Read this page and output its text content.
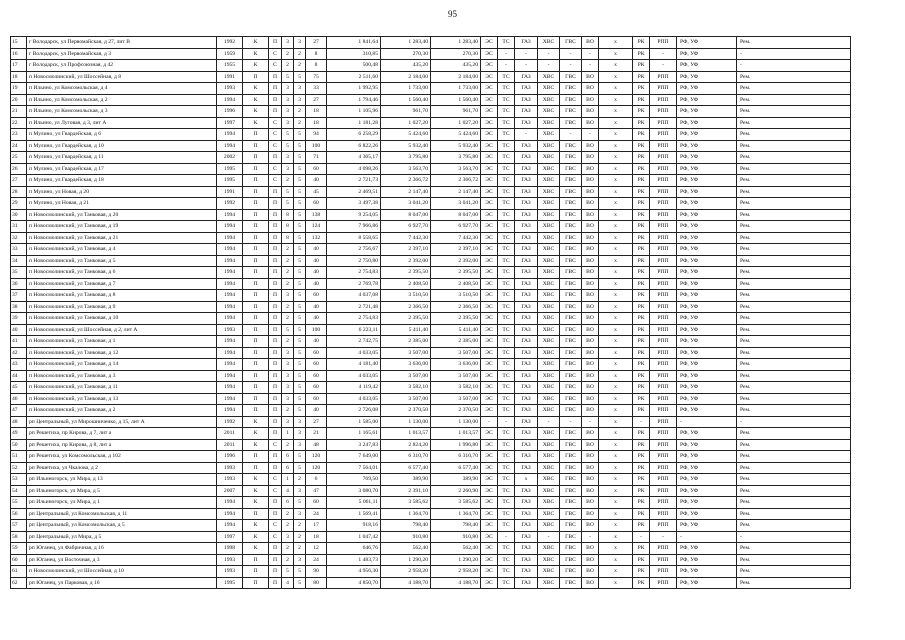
95
15	г Володарск, ул Первомайская, д 27, лит В	1992	К	П	3	3	27	1 841,64	1 283,40	1 283,40	ЭС	ТС	ГАЗ	ХВС	ГВС	ВО	х	РК	РПП	РФ, УФ	Рем.
16	г Володарск, ул Первомайская, д 3	1959	К	С	2	2	8	310,85	270,30	270,30	ЭС	-	-	-	-	-	х	РК	-	РФ, УФ	-
17	г Володарск, ул Профсоюзная, д 42	1955	К	С	2	2	8	500,48	435,20	435,20	ЭС	-	-	-	-	-	х	РК	-	РФ, УФ	-
18	п Новосмолинский, ул Шоссейная, д 8	1991	П	П	5	5	75	2 511,60	2 184,00	2 184,00	ЭС	ТС	ГАЗ	ХВС	ГВС	ВО	х	РК	РПП	РФ, УФ	Рем.
19	п Ильино, ул Комсомольская, д 4	1993	К	П	3	3	33	1 992,95	1 733,00	1 733,00	ЭС	ТС	ГАЗ	ХВС	ГВС	ВО	х	РК	РПП	РФ, УФ	Рем.
20	п Ильино, ул Комсомольская, д 2	1994	К	П	3	3	27	1 794,46	1 560,40	1 560,40	ЭС	ТС	ГАЗ	ХВС	ГВС	ВО	х	РК	РПП	РФ, УФ	Рем.
21	п Ильино, ул Комсомольская, д 3	1996	К	П	3	2	18	1 105,96	961,70	961,70	ЭС	ТС	ГАЗ	ХВС	ГВС	ВО	х	РК	РПП	РФ, УФ	Рем.
22	п Ильино, ул Луговая, д 3, лит А	1997	К	С	3	2	18	1 181,28	1 027,20	1 027,20	ЭС	ТС	ГАЗ	ХВС	ГВС	ВО	х	РК	РПП	РФ, УФ	Рем.
23	п Мулино, ул Гвардейская, д 6	1994	П	С	5	5	94	6 258,29	5 424,60	5 424,60	ЭС	ТС	-	ХВС	-	-	х	РК	РПП	РФ, УФ	Рем.
24	п Мулино, ул Гвардейская, д 10	1994	П	С	5	5	100	6 822,26	5 932,40	5 932,40	ЭС	ТС	ГАЗ	ХВС	ГВС	ВО	х	РК	РПП	РФ, УФ	Рем.
25	п Мулино, ул Гвардейская, д 11	2002	П	П	3	5	71	4 365,17	3 795,80	3 795,80	ЭС	ТС	ГАЗ	ХВС	ГВС	ВО	х	РК	РПП	РФ, УФ	Рем.
26	п Мулино, ул Гвардейская, д 17	1995	П	С	3	5	60	4 098,26	3 563,70	3 563,70	ЭС	ТС	ГАЗ	ХВС	ГВС	ВО	х	РК	РПП	РФ, УФ	Рем.
27	п Мулино, ул Гвардейская, д 18	1995	П	С	2	5	40	2 721,73	2 366,72	2 366,72	ЭС	ТС	ГАЗ	ХВС	ГВС	ВО	х	РК	РПП	РФ, УФ	Рем.
28	п Мулино, ул Новая, д 20	1991	П	П	5	5	45	2 469,51	2 147,40	2 147,40	ЭС	ТС	ГАЗ	ХВС	ГВС	ВО	х	РК	РПП	РФ, УФ	Рем.
29	п Мулино, ул Новая, д 21	1992	П	П	5	5	60	3 497,38	3 041,20	3 041,20	ЭС	ТС	ГАЗ	ХВС	ГВС	ВО	х	РК	РПП	РФ, УФ	Рем.
30	п Новосмолинский, ул Танковая, д 20	1994	П	П	8	5	138	9 254,05	8 047,00	8 047,00	ЭС	ТС	ГАЗ	ХВС	ГВС	ВО	х	РК	РПП	РФ, УФ	Рем.
31	п Новосмолинский, ул Танковая, д 19	1994	П	П	8	5	124	7 966,86	6 927,70	6 927,70	ЭС	ТС	ГАЗ	ХВС	ГВС	ВО	х	РК	РПП	РФ, УФ	Рем.
32	п Новосмолинский, ул Танковая, д 21	1994	П	П	8	5	132	8 558,65	7 442,30	7 442,30	ЭС	ТС	ГАЗ	ХВС	ГВС	ВО	х	РК	РПП	РФ, УФ	Рем.
33	п Новосмолинский, ул Танковая, д 4	1994	П	П	2	5	40	2 756,67	2 397,10	2 397,10	ЭС	ТС	ГАЗ	ХВС	ГВС	ВО	х	РК	РПП	РФ, УФ	Рем.
34	п Новосмолинский, ул Танковая, д 5	1994	П	П	2	5	40	2 750,80	2 392,00	2 392,00	ЭС	ТС	ГАЗ	ХВС	ГВС	ВО	х	РК	РПП	РФ, УФ	Рем.
35	п Новосмолинский, ул Танковая, д 6	1994	П	П	2	5	40	2 754,83	2 395,50	2 395,50	ЭС	ТС	ГАЗ	ХВС	ГВС	ВО	х	РК	РПП	РФ, УФ	Рем.
36	п Новосмолинский, ул Танковая, д 7	1994	П	П	2	5	40	2 769,78	2 408,50	2 408,50	ЭС	ТС	ГАЗ	ХВС	ГВС	ВО	х	РК	РПП	РФ, УФ	Рем.
37	п Новосмолинский, ул Танковая, д 8	1994	П	П	3	5	60	4 037,08	3 510,50	3 510,50	ЭС	ТС	ГАЗ	ХВС	ГВС	ВО	х	РК	РПП	РФ, УФ	Рем.
38	п Новосмолинский, ул Танковая, д 9	1994	П	П	2	5	40	2 721,48	2 366,50	2 366,50	ЭС	ТС	ГАЗ	ХВС	ГВС	ВО	х	РК	РПП	РФ, УФ	Рем.
39	п Новосмолинский, ул Танковая, д 10	1994	П	П	2	5	40	2 754,83	2 395,50	2 395,50	ЭС	ТС	ГАЗ	ХВС	ГВС	ВО	х	РК	РПП	РФ, УФ	Рем.
40	п Новосмолинский, ул Шоссейная, д 2, лит А	1993	П	П	5	5	100	6 223,11	5 411,40	5 411,40	ЭС	ТС	ГАЗ	ХВС	ГВС	ВО	х	РК	РПП	РФ, УФ	Рем.
41	п Новосмолинский, ул Танковая, д 1	1994	П	П	2	5	40	2 742,75	2 385,00	2 385,00	ЭС	ТС	ГАЗ	ХВС	ГВС	ВО	х	РК	РПП	РФ, УФ	Рем.
42	п Новосмолинский, ул Танковая, д 12	1994	П	П	3	5	60	4 033,05	3 507,00	3 507,00	ЭС	ТС	ГАЗ	ХВС	ГВС	ВО	х	РК	РПП	РФ, УФ	Рем.
43	п Новосмолинский, ул Танковая, д 14	1994	П	П	3	5	60	4 181,40	3 636,00	3 636,00	ЭС	ТС	ГАЗ	ХВС	ГВС	ВО	х	РК	РПП	РФ, УФ	Рем.
44	п Новосмолинский, ул Танковая, д 3	1994	П	П	3	5	60	4 033,05	3 507,00	3 507,00	ЭС	ТС	ГАЗ	ХВС	ГВС	ВО	х	РК	РПП	РФ, УФ	Рем.
45	п Новосмолинский, ул Танковая, д 11	1994	П	П	3	5	60	4 119,42	3 582,10	3 582,10	ЭС	ТС	ГАЗ	ХВС	ГВС	ВО	х	РК	РПП	РФ, УФ	Рем.
46	п Новосмолинский, ул Танковая, д 13	1994	П	П	3	5	60	4 033,05	3 507,00	3 507,00	ЭС	ТС	ГАЗ	ХВС	ГВС	ВО	х	РК	РПП	РФ, УФ	Рем.
47	п Новосмолинский, ул Танковая, д 2	1994	П	П	2	5	40	2 726,08	2 370,50	2 370,50	ЭС	ТС	ГАЗ	ХВС	ГВС	ВО	х	РК	РПП	РФ, УФ	Рем.
48	рп Центральный, ул Мирошниченко, д 15, лит А	1992	К	П	3	3	27	1 585,00	1 130,00	1 130,00	-	-	ГАЗ	-	-	-	х	-	РПП	-	-
49	рп Решетиха, пр Кирова, д 7, лит а	2011	К	П	1	3	21	1 165,61	1 013,57	1 013,57	ЭС	ТС	ГАЗ	ХВС	ГВС	ВО	х	РК	РПП	РФ, УФ	Рем.
50	рп Решетиха, пр Кирова, д 8, лит а	2011	К	С	2	3	48	3 247,83	2 824,20	1 996,80	ЭС	ТС	ГАЗ	ХВС	ГВС	ВО	х	РК	РПП	РФ, УФ	Рем.
51	рп Решетиха, ул Комсомольская, д 102	1996	П	П	6	5	120	7 649,00	6 310,70	6 310,70	ЭС	ТС	ГАЗ	ХВС	ГВС	ВО	х	РК	РПП	РФ, УФ	Рем.
52	рп Решетиха, ул Чкалова, д 2	1993	П	П	6	5	120	7 564,01	6 577,40	6 577,40	ЭС	ТС	ГАЗ	ХВС	ГВС	ВО	х	РК	РПП	РФ, УФ	Рем.
53	рп Ильиногорск, ул Мира, д 13	1993	К	С	1	2	6	769,50	389,90	389,90	ЭС	ТС	х	ХВС	ГВС	ВО	х	РК	РПП	РФ, УФ	Рем.
54	рп Ильиногорск, ул Мира, д 5	2007	К	С	4	3	47	3 080,70	2 391,10	2 260,90	ЭС	ТС	ГАЗ	ХВС	ГВС	ВО	х	РК	РПП	РФ, УФ	Рем.
55	рп Ильиногорск, ул Мира, д 1	1994	К	П	6	5	60	5 061,11	3 585,62	3 585,62	ЭС	ТС	ГАЗ	ХВС	ГВС	ВО	х	РК	РПП	РФ, УФ	Рем.
56	рп Центральный, ул Комсомольская, д 11	1994	П	П	2	3	24	1 569,41	1 364,70	1 364,70	ЭС	ТС	ГАЗ	ХВС	ГВС	ВО	х	РК	РПП	РФ, УФ	Рем.
57	рп Центральный, ул Комсомольская, д 5	1994	К	С	2	2	17	918,16	798,40	798,40	ЭС	ТС	ГАЗ	ХВС	ГВС	ВО	х	РК	РПП	РФ, УФ	Рем.
58	рп Центральный, ул Мира, д 5	1997	К	С	3	2	18	1 047,42	910,80	910,80	ЭС	-	ГАЗ	-	ГВС	-	х	-	-	-	-
59	рп Юганец, ул Фабричная, д 16	1998	К	П	2	2	12	646,76	562,40	562,40	ЭС	ТС	ГАЗ	ХВС	ГВС	ВО	х	РК	РПП	РФ, УФ	Рем.
60	рп Юганец, ул Восточная, д 3	1993	П	П	2	3	24	1 483,73	1 290,20	1 290,20	ЭС	ТС	ГАЗ	ХВС	ГВС	ВО	х	РК	РПП	РФ, УФ	Рем.
61	п Новосмолинский, ул Шоссейная, д 10	1993	П	П	5	5	90	4 956,30	2 958,20	2 958,20	ЭС	ТС	ГАЗ	ХВС	ГВС	ВО	х	РК	РПП	РФ, УФ	Рем.
62	рп Юганец, ул Парковая, д 16	1995	П	П	4	5	80	4 850,70	4 188,70	4 188,70	ЭС	ТС	ГАЗ	ХВС	ГВС	ВО	х	РК	РПП	РФ, УФ	Рем.
